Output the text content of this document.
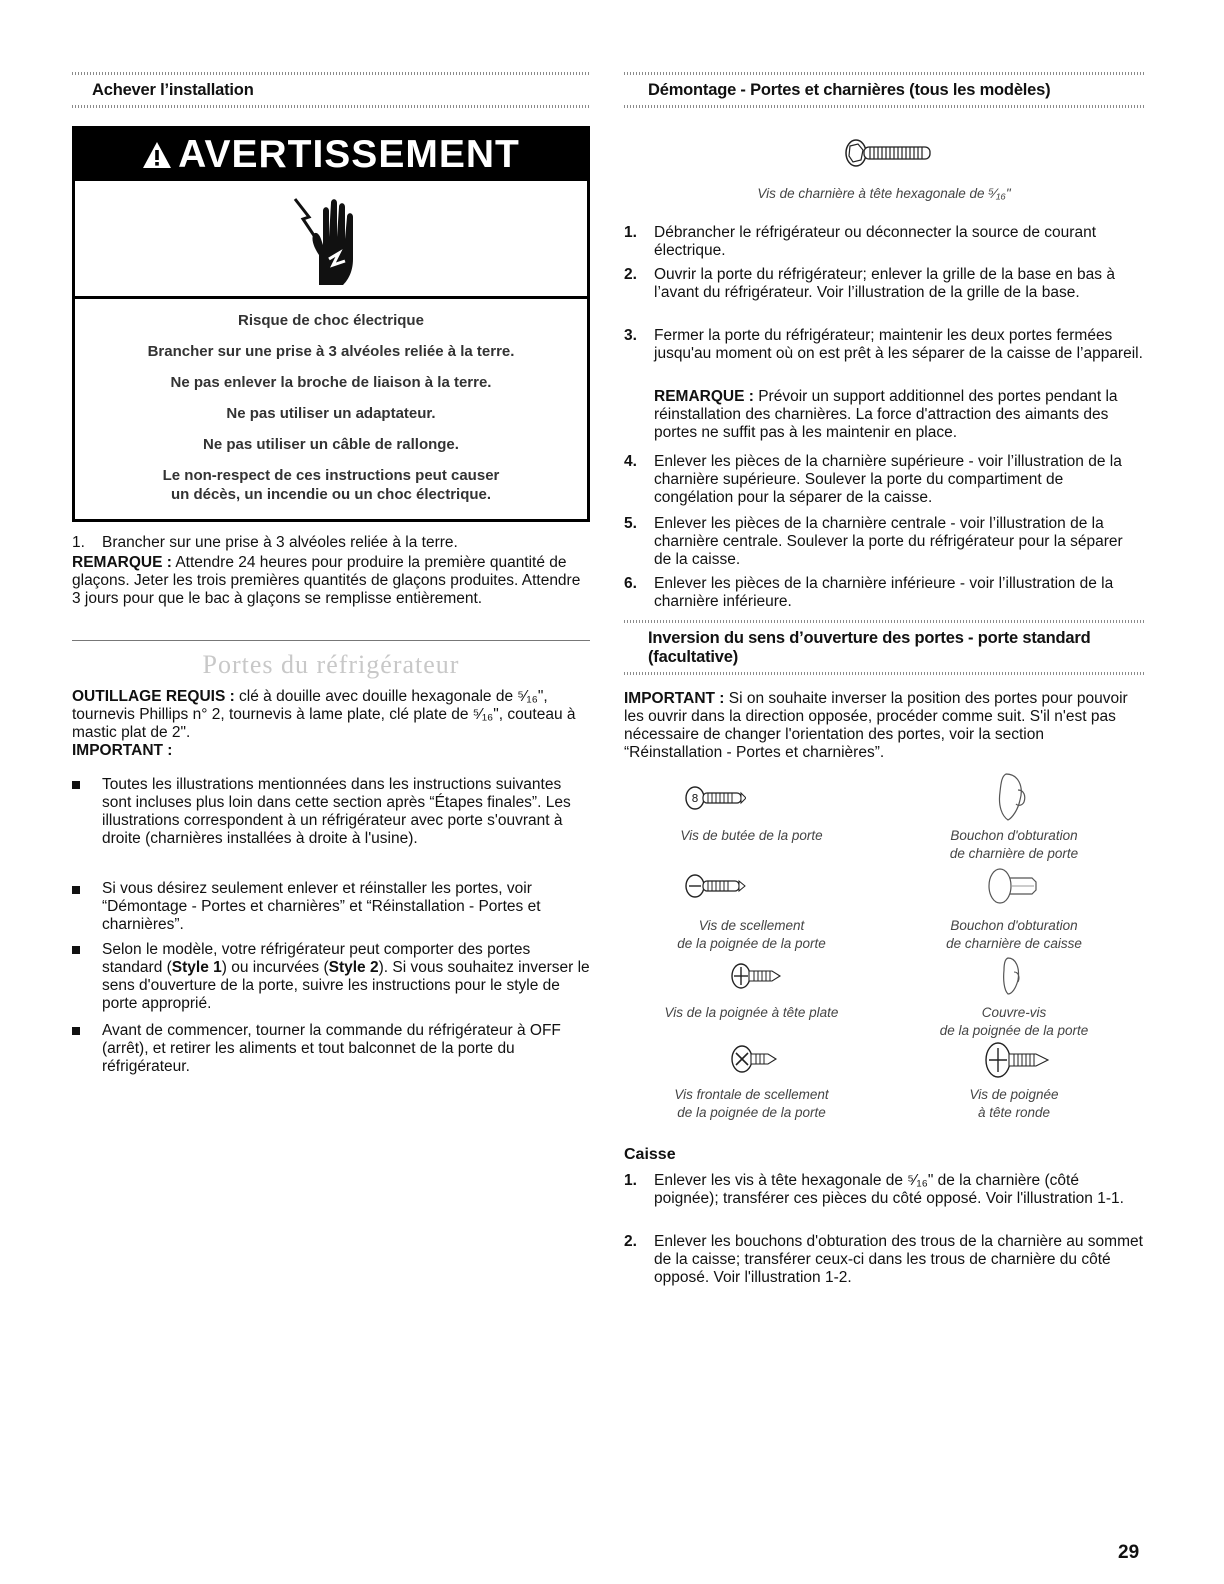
Achever l’installation
AVERTISSEMENT

Risque de choc électrique

Brancher sur une prise à 3 alvéoles reliée à la terre.

Ne pas enlever la broche de liaison à la terre.

Ne pas utiliser un adaptateur.

Ne pas utiliser un câble de rallonge.

Le non-respect de ces instructions peut causer

un décès, un incendie ou un choc électrique.

1. Brancher sur une prise à 3 alvéoles reliée à la terre.

REMARQUE : Attendre 24 heures pour produire la première quantité de glaçons. Jeter les trois premières quantités de glaçons produites. Attendre 3 jours pour que le bac à glaçons se remplisse entièrement.

Portes du réfrigérateur

OUTILLAGE REQUIS : clé à douille avec douille hexagonale de ⁵⁄₁₆", tournevis Phillips n° 2, tournevis à lame plate, clé plate de ⁵⁄₁₆", couteau à mastic plat de 2".

IMPORTANT :

Toutes les illustrations mentionnées dans les instructions suivantes sont incluses plus loin dans cette section après “Étapes finales”. Les illustrations correspondent à un réfrigérateur avec porte s'ouvrant à droite (charnières installées à droite à l'usine).

Si vous désirez seulement enlever et réinstaller les portes, voir “Démontage - Portes et charnières” et “Réinstallation - Portes et charnières”.

Selon le modèle, votre réfrigérateur peut comporter des portes standard (Style 1) ou incurvées (Style 2). Si vous souhaitez inverser le sens d'ouverture de la porte, suivre les instructions pour le style de porte approprié.

Avant de commencer, tourner la commande du réfrigérateur à OFF (arrêt), et retirer les aliments et tout balconnet de la porte du réfrigérateur.

Démontage - Portes et charnières (tous les modèles)
Vis de charnière à tête hexagonale de ⁵⁄₁₆"
1. Débrancher le réfrigérateur ou déconnecter la source de courant électrique.

2. Ouvrir la porte du réfrigérateur; enlever la grille de la base en bas à l’avant du réfrigérateur. Voir l’illustration de la grille de la base.

3. Fermer la porte du réfrigérateur; maintenir les deux portes fermées jusqu'au moment où on est prêt à les séparer de la caisse de l’appareil.

REMARQUE : Prévoir un support additionnel des portes pendant la réinstallation des charnières. La force d'attraction des aimants des portes ne suffit pas à les maintenir en place.

4. Enlever les pièces de la charnière supérieure - voir l’illustration de la charnière supérieure. Soulever la porte du compartiment de congélation pour la séparer de la caisse.

5. Enlever les pièces de la charnière centrale - voir l’illustration de la charnière centrale. Soulever la porte du réfrigérateur pour la séparer de la caisse.

6. Enlever les pièces de la charnière inférieure - voir l’illustration de la charnière inférieure.

Inversion du sens d’ouverture des portes - porte standard (facultative)

IMPORTANT : Si on souhaite inverser la position des portes pour pouvoir les ouvrir dans la direction opposée, procéder comme suit. S'il n'est pas nécessaire de changer l'orientation des portes, voir la section “Réinstallation - Portes et charnières”.

8
Vis de butée de la porte	Bouchon d'obturation
de charnière de porte
Vis de scellement
de la poignée de la porte
Bouchon d'obturation
de charnière de caisse
Vis de la poignée à tête plate	Couvre-vis
de la poignée de la porte
Vis frontale de scellement
de la poignée de la porte
Vis de poignée
à tête ronde

Caisse

1. Enlever les vis à tête hexagonale de ⁵⁄₁₆" de la charnière (côté poignée); transférer ces pièces du côté opposé. Voir l'illustration 1-1.

2. Enlever les bouchons d'obturation des trous de la charnière au sommet de la caisse; transférer ceux-ci dans les trous de charnière du côté opposé. Voir l'illustration 1-2.

29
